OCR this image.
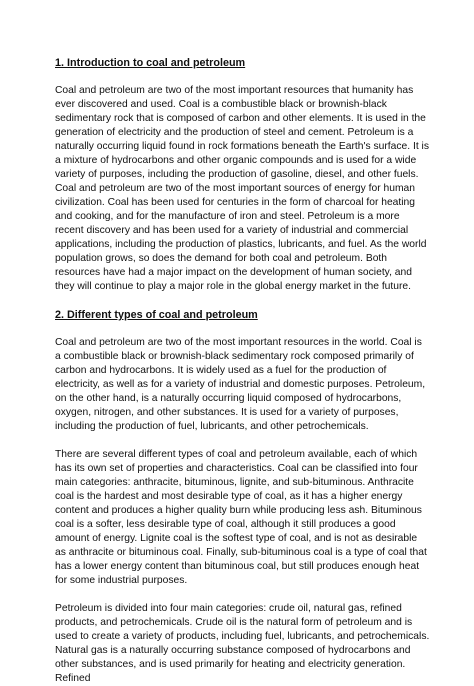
1. Introduction to coal and petroleum

Coal and petroleum are two of the most important resources that humanity has ever discovered and used. Coal is a combustible black or brownish-black sedimentary rock that is composed of carbon and other elements. It is used in the generation of electricity and the production of steel and cement. Petroleum is a naturally occurring liquid found in rock formations beneath the Earth's surface. It is a mixture of hydrocarbons and other organic compounds and is used for a wide variety of purposes, including the production of gasoline, diesel, and other fuels. Coal and petroleum are two of the most important sources of energy for human civilization. Coal has been used for centuries in the form of charcoal for heating and cooking, and for the manufacture of iron and steel. Petroleum is a more recent discovery and has been used for a variety of industrial and commercial applications, including the production of plastics, lubricants, and fuel. As the world population grows, so does the demand for both coal and petroleum. Both resources have had a major impact on the development of human society, and they will continue to play a major role in the global energy market in the future.

2. Different types of coal and petroleum

Coal and petroleum are two of the most important resources in the world. Coal is a combustible black or brownish-black sedimentary rock composed primarily of carbon and hydrocarbons. It is widely used as a fuel for the production of electricity, as well as for a variety of industrial and domestic purposes. Petroleum, on the other hand, is a naturally occurring liquid composed of hydrocarbons, oxygen, nitrogen, and other substances. It is used for a variety of purposes, including the production of fuel, lubricants, and other petrochemicals.

There are several different types of coal and petroleum available, each of which has its own set of properties and characteristics. Coal can be classified into four main categories: anthracite, bituminous, lignite, and sub-bituminous. Anthracite coal is the hardest and most desirable type of coal, as it has a higher energy content and produces a higher quality burn while producing less ash. Bituminous coal is a softer, less desirable type of coal, although it still produces a good amount of energy. Lignite coal is the softest type of coal, and is not as desirable as anthracite or bituminous coal. Finally, sub-bituminous coal is a type of coal that has a lower energy content than bituminous coal, but still produces enough heat for some industrial purposes.

Petroleum is divided into four main categories: crude oil, natural gas, refined products, and petrochemicals. Crude oil is the natural form of petroleum and is used to create a variety of products, including fuel, lubricants, and petrochemicals. Natural gas is a naturally occurring substance composed of hydrocarbons and other substances, and is used primarily for heating and electricity generation. Refined
